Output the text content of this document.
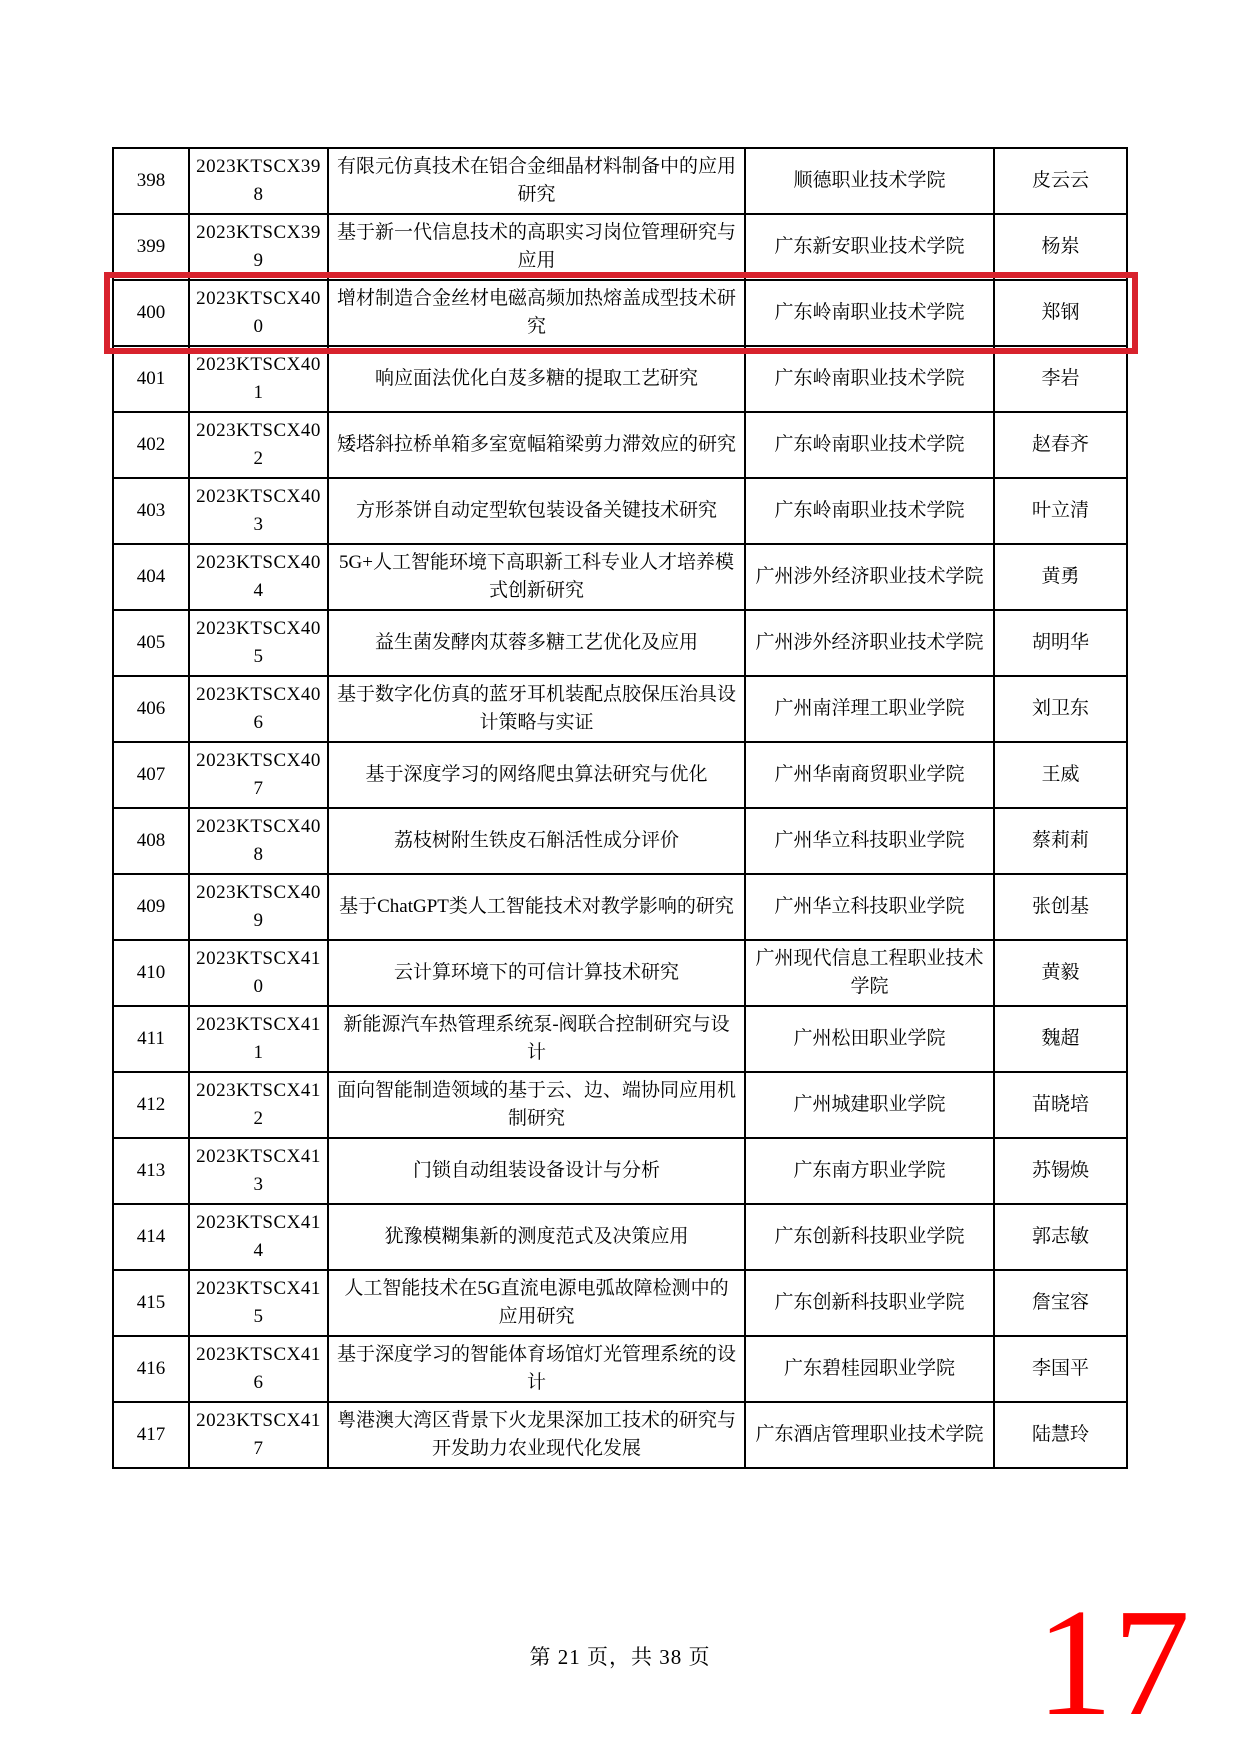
398	2023KTSCX398	有限元仿真技术在铝合金细晶材料制备中的应用研究	顺德职业技术学院	皮云云
399	2023KTSCX399	基于新一代信息技术的高职实习岗位管理研究与应用	广东新安职业技术学院	杨岽
400	2023KTSCX400	增材制造合金丝材电磁高频加热熔盖成型技术研究	广东岭南职业技术学院	郑钢
401	2023KTSCX401	响应面法优化白芨多糖的提取工艺研究	广东岭南职业技术学院	李岩
402	2023KTSCX402	矮塔斜拉桥单箱多室宽幅箱梁剪力滞效应的研究	广东岭南职业技术学院	赵春齐
403	2023KTSCX403	方形茶饼自动定型软包装设备关键技术研究	广东岭南职业技术学院	叶立清
404	2023KTSCX404	5G+人工智能环境下高职新工科专业人才培养模式创新研究	广州涉外经济职业技术学院	黄勇
405	2023KTSCX405	益生菌发酵肉苁蓉多糖工艺优化及应用	广州涉外经济职业技术学院	胡明华
406	2023KTSCX406	基于数字化仿真的蓝牙耳机装配点胶保压治具设计策略与实证	广州南洋理工职业学院	刘卫东
407	2023KTSCX407	基于深度学习的网络爬虫算法研究与优化	广州华南商贸职业学院	王威
408	2023KTSCX408	荔枝树附生铁皮石斛活性成分评价	广州华立科技职业学院	蔡莉莉
409	2023KTSCX409	基于ChatGPT类人工智能技术对教学影响的研究	广州华立科技职业学院	张创基
410	2023KTSCX410	云计算环境下的可信计算技术研究	广州现代信息工程职业技术学院	黄毅
411	2023KTSCX411	新能源汽车热管理系统泵-阀联合控制研究与设计	广州松田职业学院	魏超
412	2023KTSCX412	面向智能制造领域的基于云、边、端协同应用机制研究	广州城建职业学院	苗晓培
413	2023KTSCX413	门锁自动组装设备设计与分析	广东南方职业学院	苏锡焕
414	2023KTSCX414	犹豫模糊集新的测度范式及决策应用	广东创新科技职业学院	郭志敏
415	2023KTSCX415	人工智能技术在5G直流电源电弧故障检测中的应用研究	广东创新科技职业学院	詹宝容
416	2023KTSCX416	基于深度学习的智能体育场馆灯光管理系统的设计	广东碧桂园职业学院	李国平
417	2023KTSCX417	粤港澳大湾区背景下火龙果深加工技术的研究与开发助力农业现代化发展	广东酒店管理职业技术学院	陆慧玲
第 21 页，共 38 页	17
